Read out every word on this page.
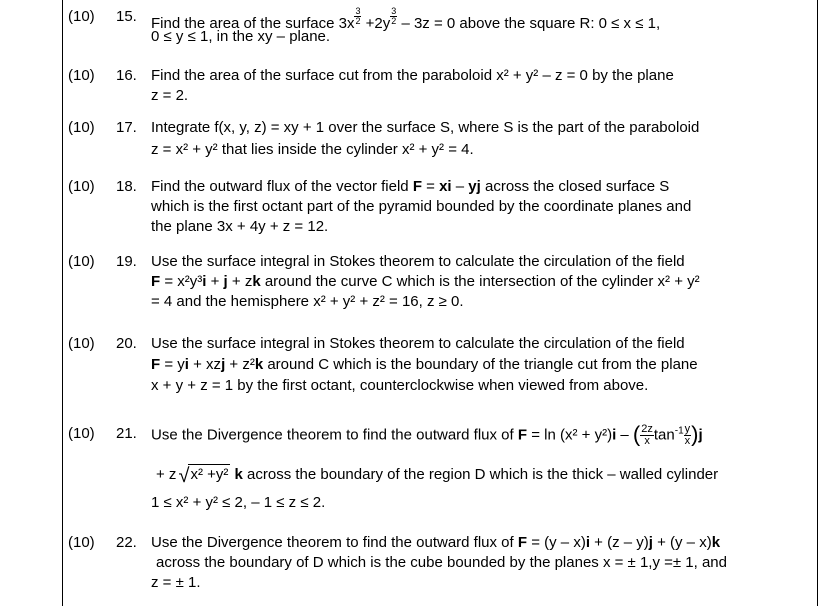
(10) 15. Find the area of the surface $3x \frac{3}{2} +2y \frac{3}{2} - 3z = 0$ above the square R: 0 ≤ x ≤ 1,
0 ≤ y ≤ 1, in the xy – plane.
(10) 16. Find the area of the surface cut from the paraboloid x² + y² – z = 0 by the plane
z = 2.
(10) 17. Integrate f(x, y, z) = xy + 1 over the surface S, where S is the part of the paraboloid
z = x² + y² that lies inside the cylinder x² + y² = 4.
(10) 18. Find the outward flux of the vector field F = xi – yj across the closed surface S
which is the first octant part of the pyramid bounded by the coordinate planes and
the plane 3x + 4y + z = 12.
(10) 19. Use the surface integral in Stokes theorem to calculate the circulation of the field
F = x²y³i + j + zk around the curve C which is the intersection of the cylinder x² + y²
= 4 and the hemisphere x² + y² + z² = 16, z ≥ 0.
(10) 20. Use the surface integral in Stokes theorem to calculate the circulation of the field
F = yi + xzj + z²k around C which is the boundary of the triangle cut from the plane
x + y + z = 1 by the first octant, counterclockwise when viewed from above.
(10) 21. Use the Divergence theorem to find the outward flux of F = ln (x² + y²)i – ( $\frac{2z}{x} \tan^{-1} \frac{y}{x} )j$
+ z √ x² +y² k across the boundary of the region D which is the thick – walled cylinder
1 ≤ x² + y² ≤ 2, – 1 ≤ z ≤ 2.
(10) 22. Use the Divergence theorem to find the outward flux of F = (y – x)i + (z – y)j + (y – x)k
across the boundary of D which is the cube bounded by the planes x = ± 1,y =± 1, and
z = ± 1.
